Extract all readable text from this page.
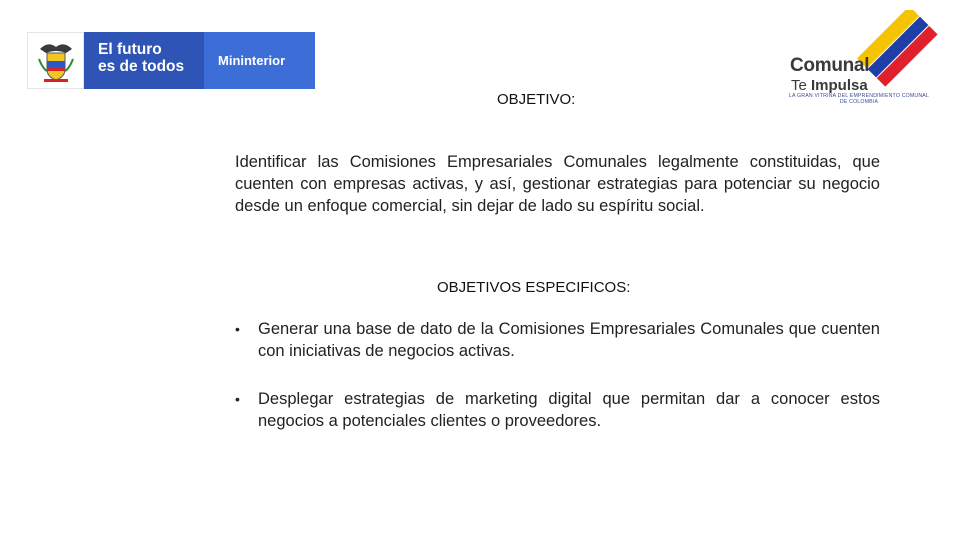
El futuro
es de todos	Mininterior	Comunal
Te Impulsa
LA GRAN VITRINA DEL EMPRENDIMIENTO COMUNAL DE COLOMBIA
OBJETIVO:
Identificar las Comisiones Empresariales Comunales legalmente constituidas, que cuenten con empresas activas, y así, gestionar estrategias para potenciar su negocio desde un enfoque comercial, sin dejar de lado su espíritu social.
OBJETIVOS ESPECIFICOS:
• Generar una base de dato de la Comisiones Empresariales Comunales que cuenten con iniciativas de negocios activas.
• Desplegar estrategias de marketing digital que permitan dar a conocer estos negocios a potenciales clientes o proveedores.
